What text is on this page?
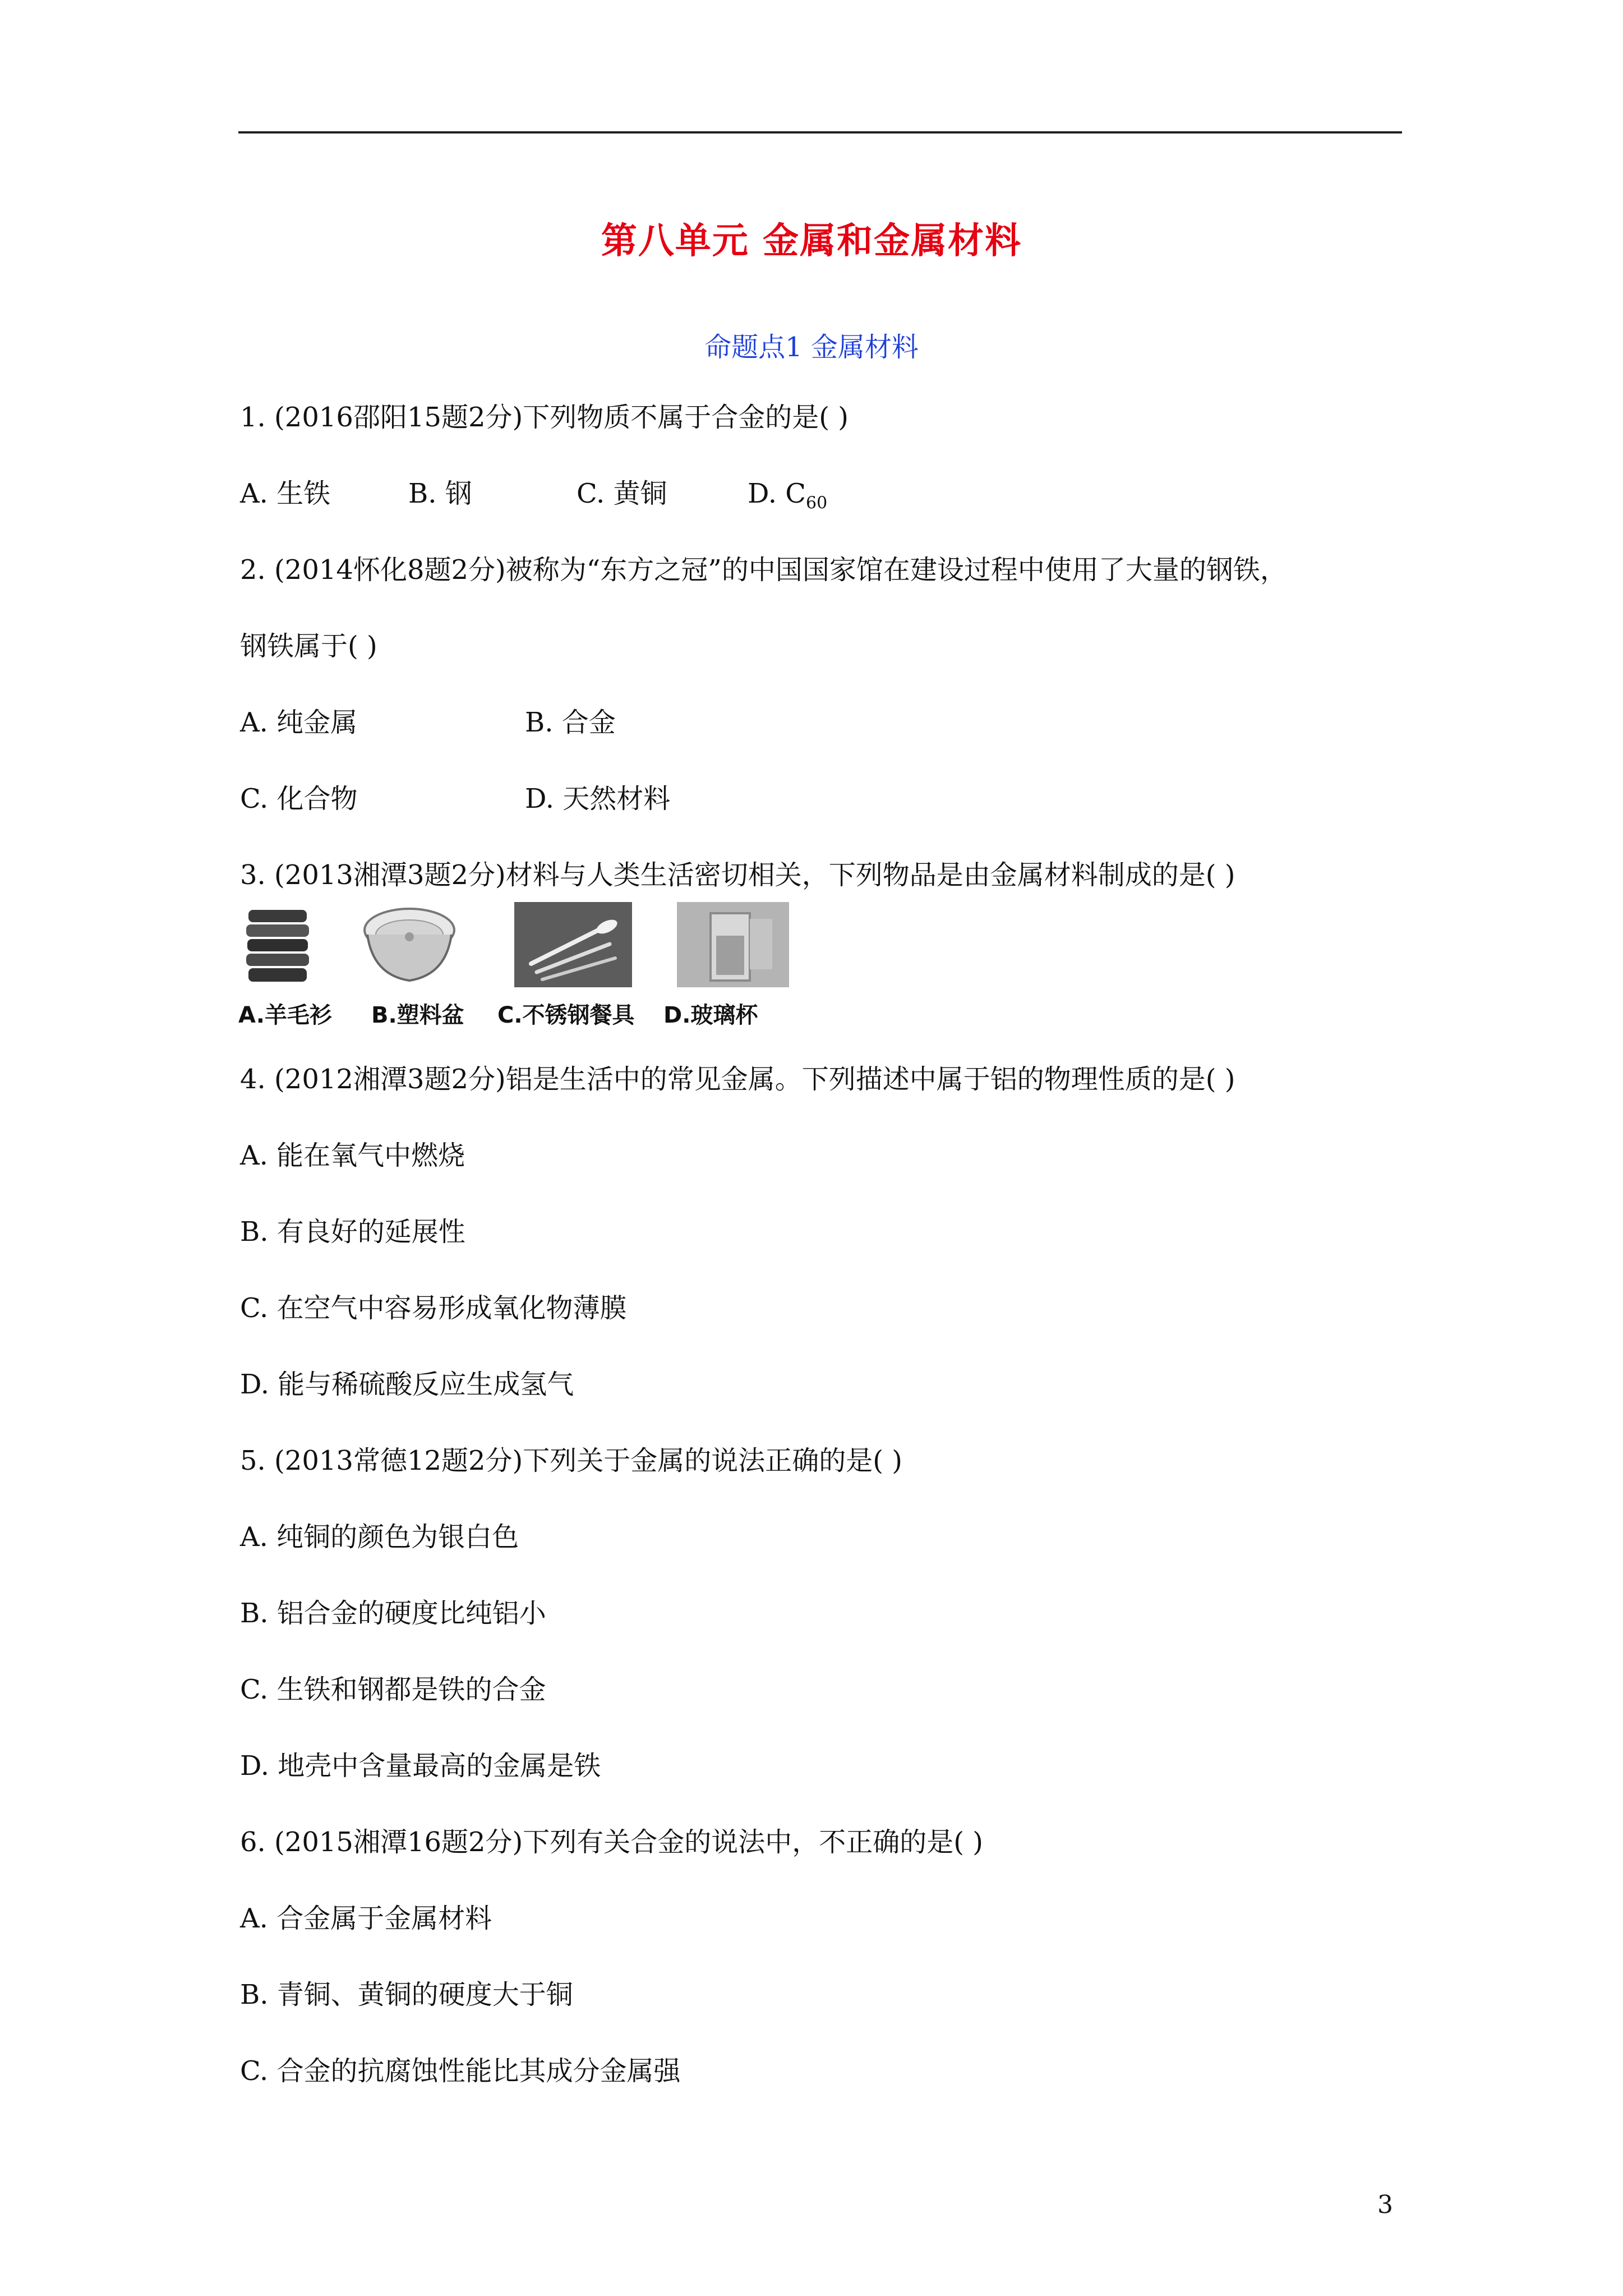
第八单元 金属和金属材料
命题点1 金属材料
1. (2016邵阳15题2分)下列物质不属于合金的是( )
A. 生铁	B. 钢	C. 黄铜	D. $C_{60}$
2. (2014怀化8题2分)被称为“东方之冠”的中国国家馆在建设过程中使用了大量的钢铁，
钢铁属于( )
A. 纯金属	B. 合金
C. 化合物	D. 天然材料
3. (2013湘潭3题2分)材料与人类生活密切相关，下列物品是由金属材料制成的是( )
A.羊毛衫 B.塑料盆 C.不锈钢餐具 D.玻璃杯
4. (2012湘潭3题2分)铝是生活中的常见金属。下列描述中属于铝的物理性质的是( )
A. 能在氧气中燃烧
B. 有良好的延展性
C. 在空气中容易形成氧化物薄膜
D. 能与稀硫酸反应生成氢气
5. (2013常德12题2分)下列关于金属的说法正确的是( )
A. 纯铜的颜色为银白色
B. 铝合金的硬度比纯铝小
C. 生铁和钢都是铁的合金
D. 地壳中含量最高的金属是铁
6. (2015湘潭16题2分)下列有关合金的说法中，不正确的是( )
A. 合金属于金属材料
B. 青铜、黄铜的硬度大于铜
C. 合金的抗腐蚀性能比其成分金属强
3
